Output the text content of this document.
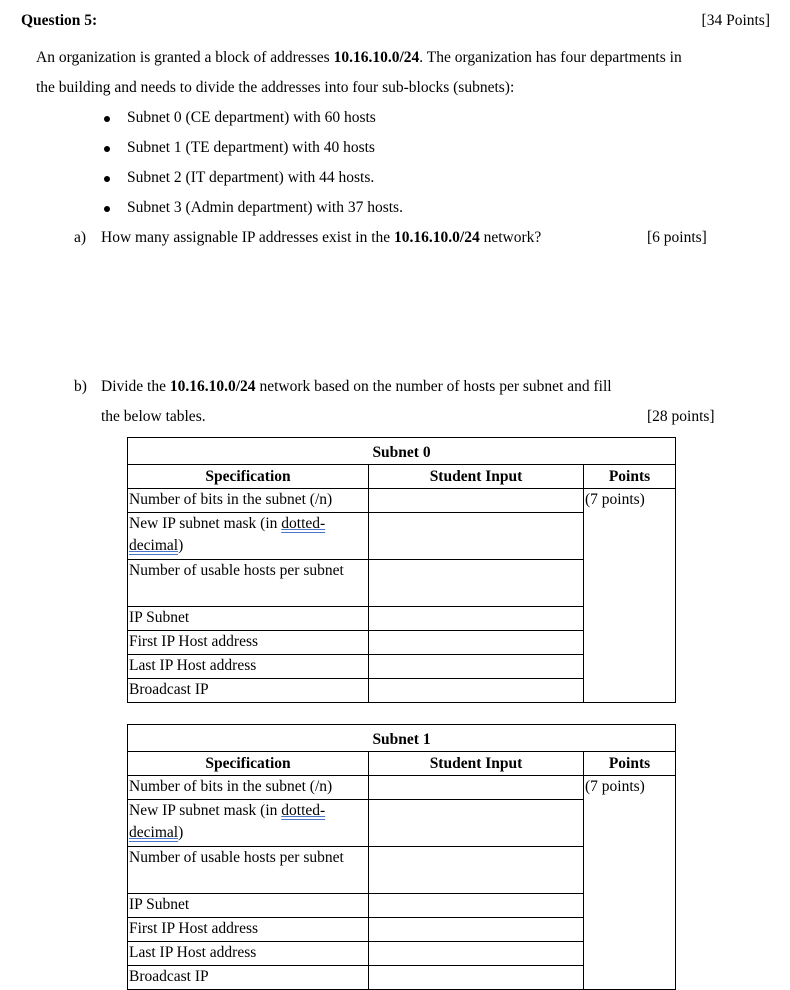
Question 5:	[34 Points]
An organization is granted a block of addresses 10.16.10.0/24. The organization has four departments in
the building and needs to divide the addresses into four sub-blocks (subnets):
Subnet 0 (CE department) with 60 hosts
Subnet 1 (TE department) with 40 hosts
Subnet 2 (IT department) with 44 hosts.
Subnet 3 (Admin department) with 37 hosts.
a) How many assignable IP addresses exist in the 10.16.10.0/24 network?	[6 points]
b) Divide the 10.16.10.0/24 network based on the number of hosts per subnet and fill
the below tables.	[28 points]
Subnet 0		
Specification	Student Input	Points
Number of bits in the subnet (/n)		(7 points)
New IP subnet mask (in dotted-
decimal)		
Number of usable hosts per subnet		
IP Subnet		
First IP Host address		
Last IP Host address		
Broadcast IP		
Subnet 1		
Specification	Student Input	Points
Number of bits in the subnet (/n)		(7 points)
New IP subnet mask (in dotted-
decimal)		
Number of usable hosts per subnet		
IP Subnet		
First IP Host address		
Last IP Host address		
Broadcast IP		
